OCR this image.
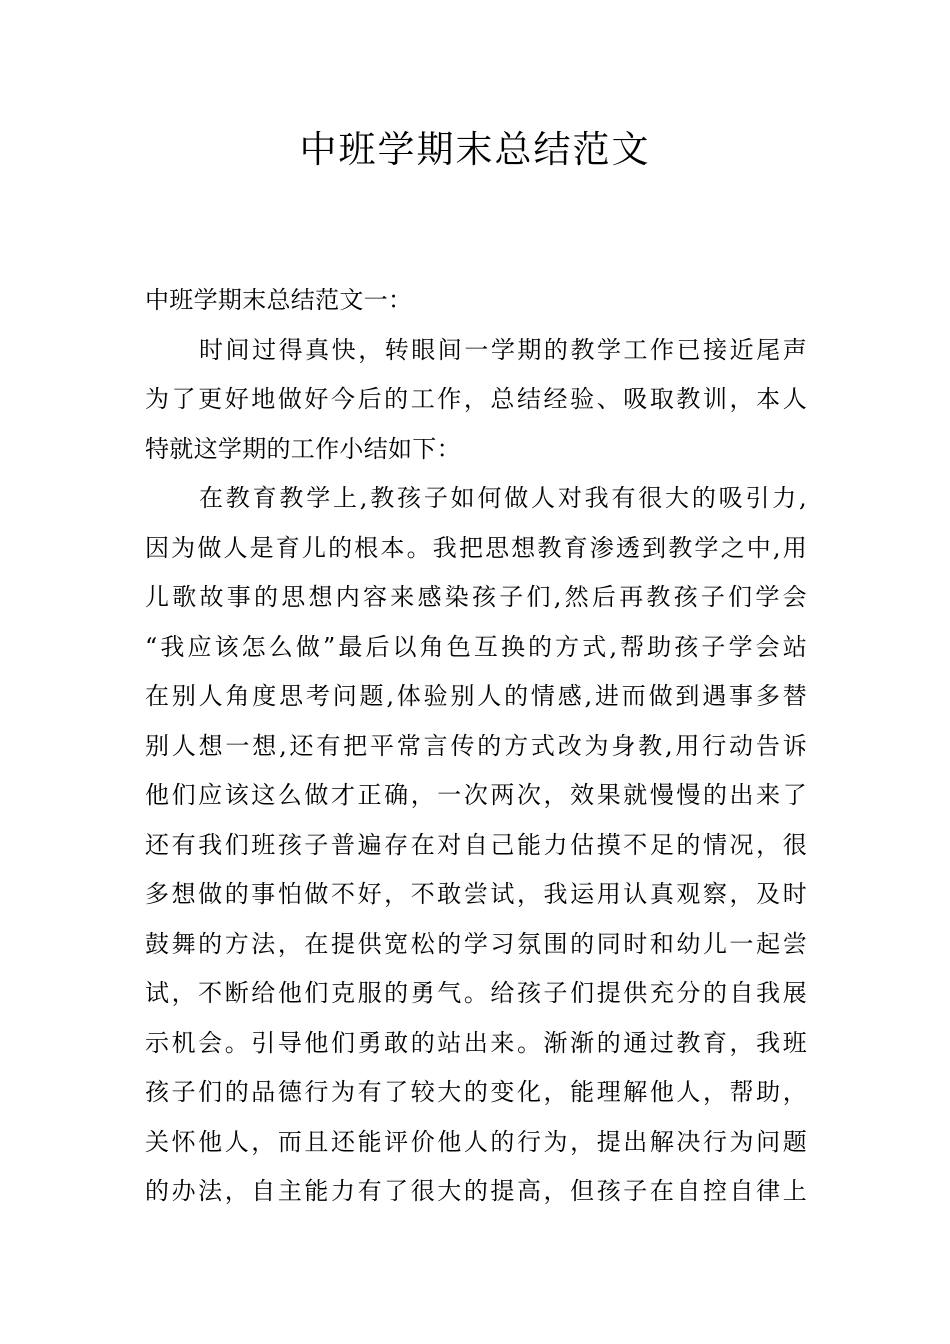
中班学期末总结范文
中班学期末总结范文一：
时间过得真快，转眼间一学期的教学工作已接近尾声
为了更好地做好今后的工作，总结经验、吸取教训，本人
特就这学期的工作小结如下：
在教育教学上,教孩子如何做人对我有很大的吸引力,
因为做人是育儿的根本。我把思想教育渗透到教学之中,用
儿歌故事的思想内容来感染孩子们,然后再教孩子们学会
“我应该怎么做”最后以角色互换的方式,帮助孩子学会站
在别人角度思考问题,体验别人的情感,进而做到遇事多替
别人想一想,还有把平常言传的方式改为身教,用行动告诉
他们应该这么做才正确，一次两次，效果就慢慢的出来了
还有我们班孩子普遍存在对自己能力估摸不足的情况，很
多想做的事怕做不好，不敢尝试，我运用认真观察，及时
鼓舞的方法，在提供宽松的学习氛围的同时和幼儿一起尝
试，不断给他们克服的勇气。给孩子们提供充分的自我展
示机会。引导他们勇敢的站出来。渐渐的通过教育，我班
孩子们的品德行为有了较大的变化，能理解他人，帮助，
关怀他人，而且还能评价他人的行为，提出解决行为问题
的办法，自主能力有了很大的提高，但孩子在自控自律上
